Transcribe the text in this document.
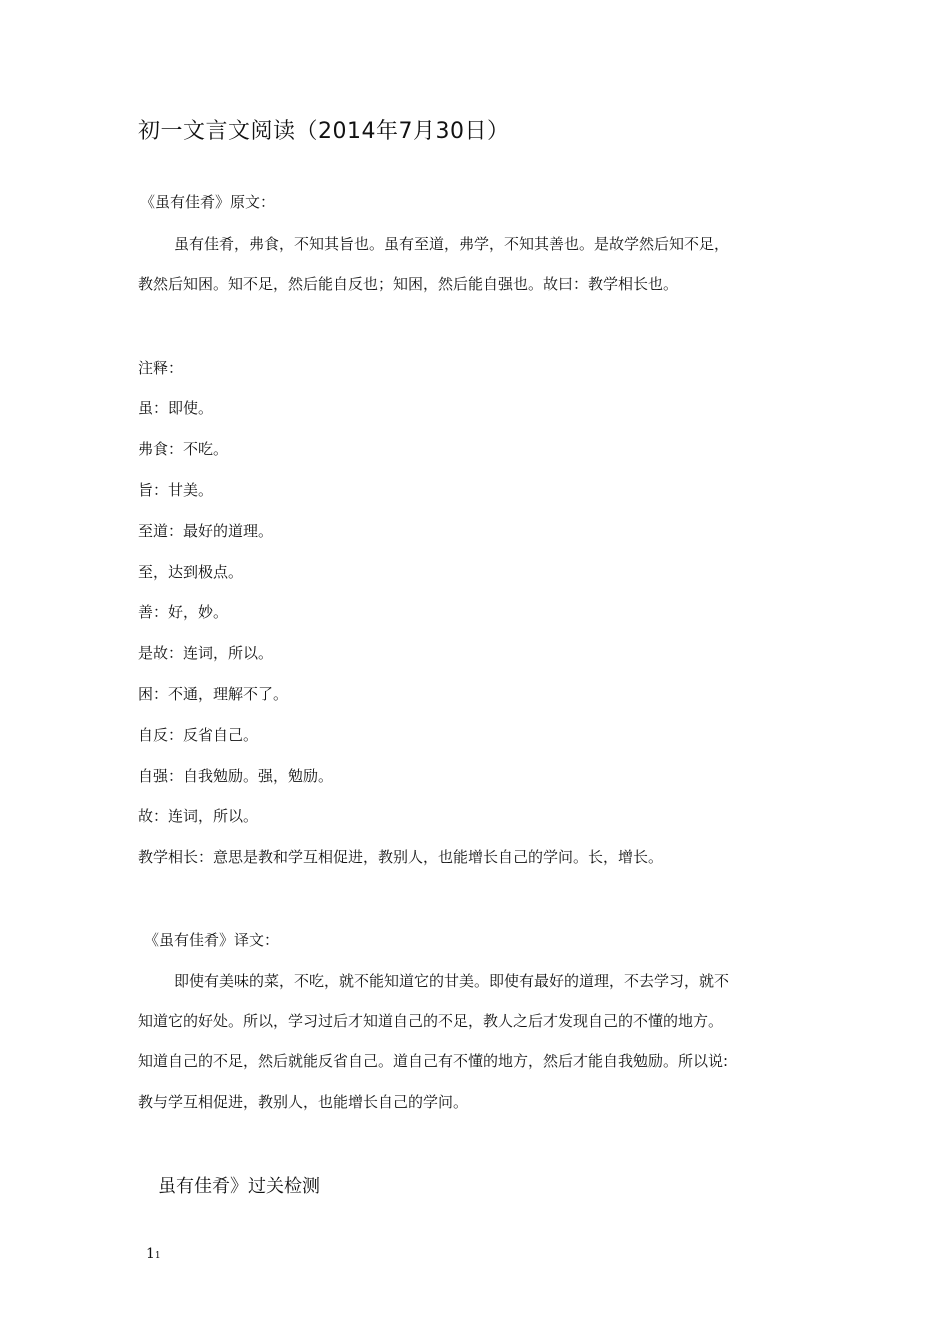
初一文言文阅读（2014年7月30日）
《虽有佳肴》原文：
虽有佳肴，弗食，不知其旨也。虽有至道，弗学，不知其善也。是故学然后知不足，
教然后知困。知不足，然后能自反也；知困，然后能自强也。故曰：教学相长也。
注释：
虽：即使。
弗食：不吃。
旨：甘美。
至道：最好的道理。
至，达到极点。
善：好，妙。
是故：连词，所以。
困：不通，理解不了。
自反：反省自己。
自强：自我勉励。强，勉励。
故：连词，所以。
教学相长：意思是教和学互相促进，教别人，也能增长自己的学问。长，增长。
《虽有佳肴》译文：
即使有美味的菜，不吃，就不能知道它的甘美。即使有最好的道理，不去学习，就不
知道它的好处。所以，学习过后才知道自己的不足，教人之后才发现自己的不懂的地方。
知道自己的不足，然后就能反省自己。道自己有不懂的地方，然后才能自我勉励。所以说:
教与学互相促进，教别人，也能增长自己的学问。
虽有佳肴》过关检测
11
